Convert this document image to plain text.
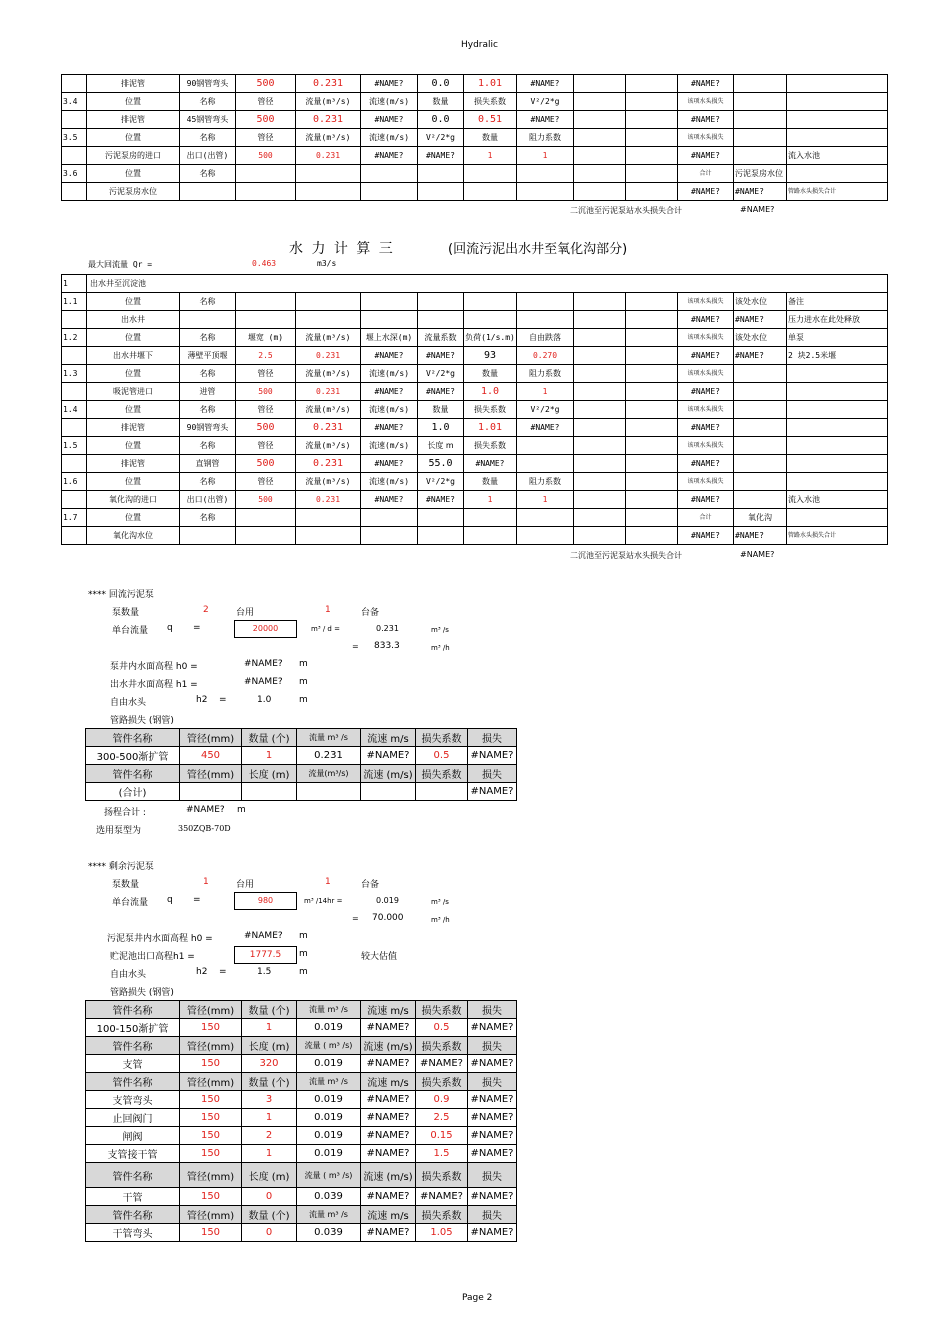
Hydralic
Page 2
	排泥管	90钢管弯头	500	0.231	#NAME?	0.0	1.01	#NAME?			#NAME?		
3.4	位置	名称	管径	流量(m³/s)	流速(m/s)	数量	损失系数	V²/2*g			该项水头损失		
	排泥管	45钢管弯头	500	0.231	#NAME?	0.0	0.51	#NAME?			#NAME?		
3.5	位置	名称	管径	流量(m³/s)	流速(m/s)	V²/2*g	数量	阻力系数			该项水头损失		
	污泥泵房的进口	出口(出管)	500	0.231	#NAME?	#NAME?	1	1			#NAME?		流入水池
3.6	位置	名称									合计	污泥泵房水位	
	污泥泵房水位										#NAME?	#NAME?	管路水头损失合计
二沉池至污泥泵站水头损失合计	#NAME?
水 力 计 算 三	(回流污泥出水井至氧化沟部分)
最大回流量 Qr =	0.463	m3/s
1	出水井至沉淀池												
1.1	位置	名称									该项水头损失	该处水位	备注
	出水井										#NAME?	#NAME?	压力进水在此处释放
1.2	位置	名称	堰宽 (m)	流量(m³/s)	堰上水深(m)	流量系数	负荷(1/s.m)	自由跌落			该项水头损失	该处水位	单泵
	出水井堰下	薄壁平顶堰	2.5	0.231	#NAME?	#NAME?	93	0.270			#NAME?	#NAME?	2 块2.5米堰
1.3	位置	名称	管径	流量(m³/s)	流速(m/s)	V²/2*g	数量	阻力系数			该项水头损失		
	吸泥管进口	进管	500	0.231	#NAME?	#NAME?	1.0	1			#NAME?		
1.4	位置	名称	管径	流量(m³/s)	流速(m/s)	数量	损失系数	V²/2*g			该项水头损失		
	排泥管	90钢管弯头	500	0.231	#NAME?	1.0	1.01	#NAME?			#NAME?		
1.5	位置	名称	管径	流量(m³/s)	流速(m/s)	长度 m	损失系数				该项水头损失		
	排泥管	直钢管	500	0.231	#NAME?	55.0	#NAME?				#NAME?		
1.6	位置	名称	管径	流量(m³/s)	流速(m/s)	V²/2*g	数量	阻力系数			该项水头损失		
	氧化沟的进口	出口(出管)	500	0.231	#NAME?	#NAME?	1	1			#NAME?		流入水池
1.7	位置	名称									合计	氧化沟	
	氧化沟水位										#NAME?	#NAME?	管路水头损失合计
二沉池至污泥泵站水头损失合计	#NAME?
**** 回流污泥泵
泵数量	2	台用	1	台备
单台流量 q =	20000	m³ / d =	0.231	m³ /s
= 833.3	m³ /h
泵井内水面高程 h0 =	#NAME? m
出水井水面高程 h1 =	#NAME? m
自由水头	h2 =	1.0	m
管路损失 (钢管)
管件名称	管径(mm)	数量 (个)	流量 m³ /s	流速 m/s	损失系数	损失
300-500渐扩管	450	1	0.231	#NAME?	0.5	#NAME?
管件名称	管径(mm)	长度 (m)	流量(m³/s)	流速 (m/s)	损失系数	损失
(合计)						#NAME?
扬程合计 :	#NAME? m
选用泵型为	350ZQB-70D
**** 剩余污泥泵
泵数量	1	台用	1	台备
单台流量 q =	980	m³ /14hr =	0.019	m³ /s
= 70.000	m³ /h
污泥泵井内水面高程 h0 =	#NAME? m
贮泥池出口高程h1 =	1777.5	m	较大估值
自由水头	h2 =	1.5	m
管路损失 (钢管)
管件名称	管径(mm)	数量 (个)	流量 m³ /s	流速 m/s	损失系数	损失
100-150渐扩管	150	1	0.019	#NAME?	0.5	#NAME?
管件名称	管径(mm)	长度 (m)	流量 ( m³ /s)	流速 (m/s)	损失系数	损失
支管	150	320	0.019	#NAME?	#NAME?	#NAME?
管件名称	管径(mm)	数量 (个)	流量 m³ /s	流速 m/s	损失系数	损失
支管弯头	150	3	0.019	#NAME?	0.9	#NAME?
止回阀门	150	1	0.019	#NAME?	2.5	#NAME?
闸阀	150	2	0.019	#NAME?	0.15	#NAME?
支管接干管	150	1	0.019	#NAME?	1.5	#NAME?
管件名称	管径(mm)	长度 (m)	流量 ( m³ /s)	流速 (m/s)	损失系数	损失
干管	150	0	0.039	#NAME?	#NAME?	#NAME?
管件名称	管径(mm)	数量 (个)	流量 m³ /s	流速 m/s	损失系数	损失
干管弯头	150	0	0.039	#NAME?	1.05	#NAME?
